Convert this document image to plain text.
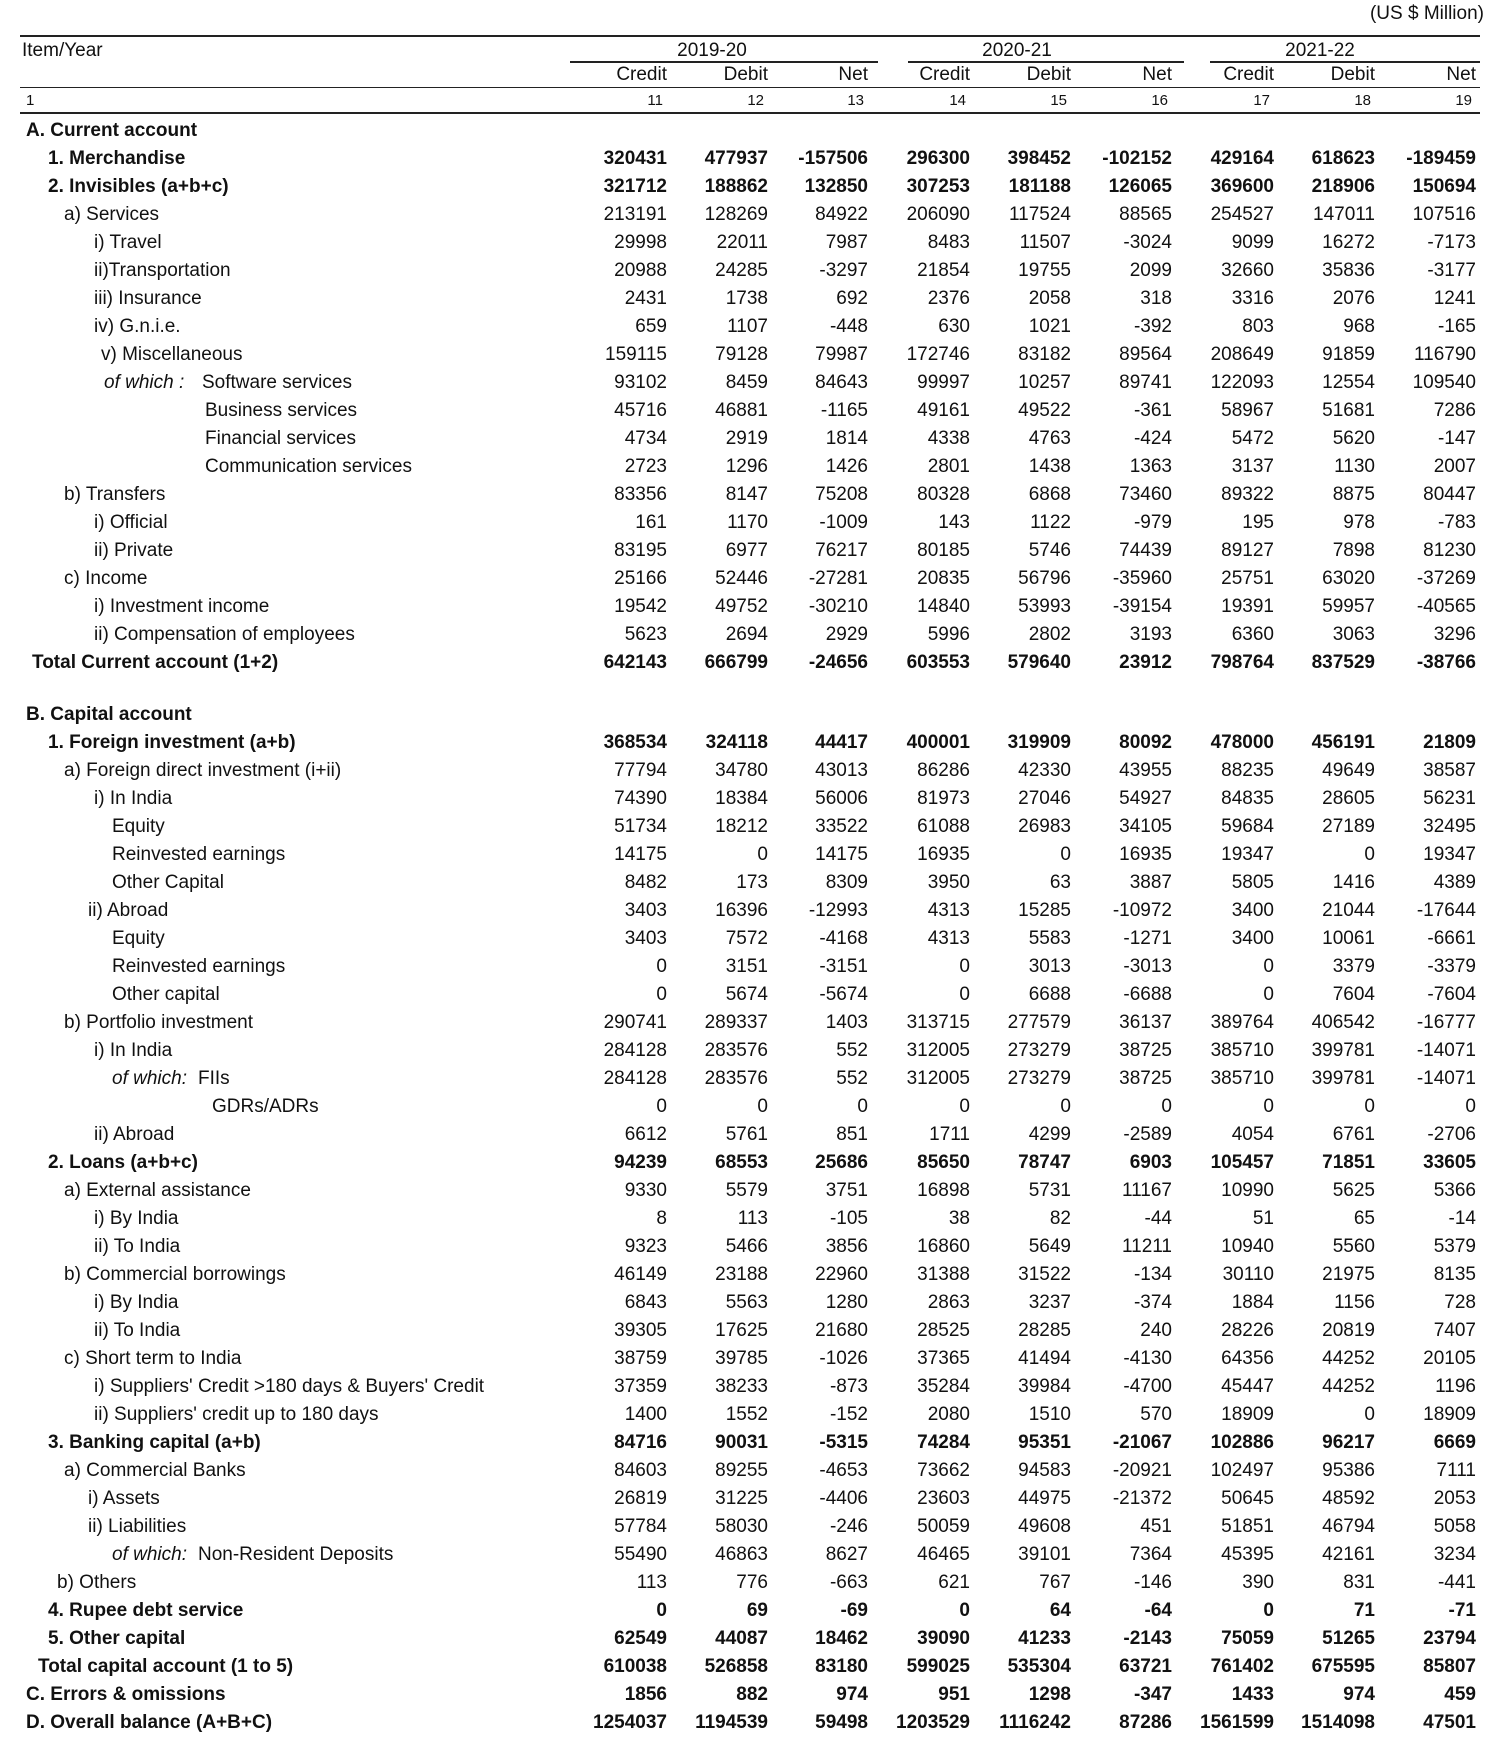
(US $ Million)
Item/Year	2019-20	2020-21	2021-22
Credit	Debit	Net	Credit	Debit	Net	Credit	Debit	Net
1	11	12	13	14	15	16	17	18	19
A. Current account
1. Merchandise	320431	477937	-157506	296300	398452	-102152	429164	618623	-189459
2. Invisibles (a+b+c)	321712	188862	132850	307253	181188	126065	369600	218906	150694
a) Services	213191	128269	84922	206090	117524	88565	254527	147011	107516
i) Travel	29998	22011	7987	8483	11507	-3024	9099	16272	-7173
ii)Transportation	20988	24285	-3297	21854	19755	2099	32660	35836	-3177
iii) Insurance	2431	1738	692	2376	2058	318	3316	2076	1241
iv) G.n.i.e.	659	1107	-448	630	1021	-392	803	968	-165
v) Miscellaneous	159115	79128	79987	172746	83182	89564	208649	91859	116790
of which : Software services	93102	8459	84643	99997	10257	89741	122093	12554	109540
Business services	45716	46881	-1165	49161	49522	-361	58967	51681	7286
Financial services	4734	2919	1814	4338	4763	-424	5472	5620	-147
Communication services	2723	1296	1426	2801	1438	1363	3137	1130	2007
b) Transfers	83356	8147	75208	80328	6868	73460	89322	8875	80447
i) Official	161	1170	-1009	143	1122	-979	195	978	-783
ii) Private	83195	6977	76217	80185	5746	74439	89127	7898	81230
c) Income	25166	52446	-27281	20835	56796	-35960	25751	63020	-37269
i) Investment income	19542	49752	-30210	14840	53993	-39154	19391	59957	-40565
ii) Compensation of employees	5623	2694	2929	5996	2802	3193	6360	3063	3296
Total Current account (1+2)	642143	666799	-24656	603553	579640	23912	798764	837529	-38766
B. Capital account
1. Foreign investment (a+b)	368534	324118	44417	400001	319909	80092	478000	456191	21809
a) Foreign direct investment (i+ii)	77794	34780	43013	86286	42330	43955	88235	49649	38587
i) In India	74390	18384	56006	81973	27046	54927	84835	28605	56231
Equity	51734	18212	33522	61088	26983	34105	59684	27189	32495
Reinvested earnings	14175	0	14175	16935	0	16935	19347	0	19347
Other Capital	8482	173	8309	3950	63	3887	5805	1416	4389
ii) Abroad	3403	16396	-12993	4313	15285	-10972	3400	21044	-17644
Equity	3403	7572	-4168	4313	5583	-1271	3400	10061	-6661
Reinvested earnings	0	3151	-3151	0	3013	-3013	0	3379	-3379
Other capital	0	5674	-5674	0	6688	-6688	0	7604	-7604
b) Portfolio investment	290741	289337	1403	313715	277579	36137	389764	406542	-16777
i) In India	284128	283576	552	312005	273279	38725	385710	399781	-14071
of which: FIIs	284128	283576	552	312005	273279	38725	385710	399781	-14071
GDRs/ADRs	0	0	0	0	0	0	0	0	0
ii) Abroad	6612	5761	851	1711	4299	-2589	4054	6761	-2706
2. Loans (a+b+c)	94239	68553	25686	85650	78747	6903	105457	71851	33605
a) External assistance	9330	5579	3751	16898	5731	11167	10990	5625	5366
i) By India	8	113	-105	38	82	-44	51	65	-14
ii) To India	9323	5466	3856	16860	5649	11211	10940	5560	5379
b) Commercial borrowings	46149	23188	22960	31388	31522	-134	30110	21975	8135
i) By India	6843	5563	1280	2863	3237	-374	1884	1156	728
ii) To India	39305	17625	21680	28525	28285	240	28226	20819	7407
c) Short term to India	38759	39785	-1026	37365	41494	-4130	64356	44252	20105
i) Suppliers' Credit >180 days & Buyers' Credit	37359	38233	-873	35284	39984	-4700	45447	44252	1196
ii) Suppliers' credit up to 180 days	1400	1552	-152	2080	1510	570	18909	0	18909
3. Banking capital (a+b)	84716	90031	-5315	74284	95351	-21067	102886	96217	6669
a) Commercial Banks	84603	89255	-4653	73662	94583	-20921	102497	95386	7111
i) Assets	26819	31225	-4406	23603	44975	-21372	50645	48592	2053
ii) Liabilities	57784	58030	-246	50059	49608	451	51851	46794	5058
of which: Non-Resident Deposits	55490	46863	8627	46465	39101	7364	45395	42161	3234
b) Others	113	776	-663	621	767	-146	390	831	-441
4. Rupee debt service	0	69	-69	0	64	-64	0	71	-71
5. Other capital	62549	44087	18462	39090	41233	-2143	75059	51265	23794
Total capital account (1 to 5)	610038	526858	83180	599025	535304	63721	761402	675595	85807
C. Errors & omissions	1856	882	974	951	1298	-347	1433	974	459
D. Overall balance (A+B+C)	1254037	1194539	59498	1203529	1116242	87286	1561599	1514098	47501
